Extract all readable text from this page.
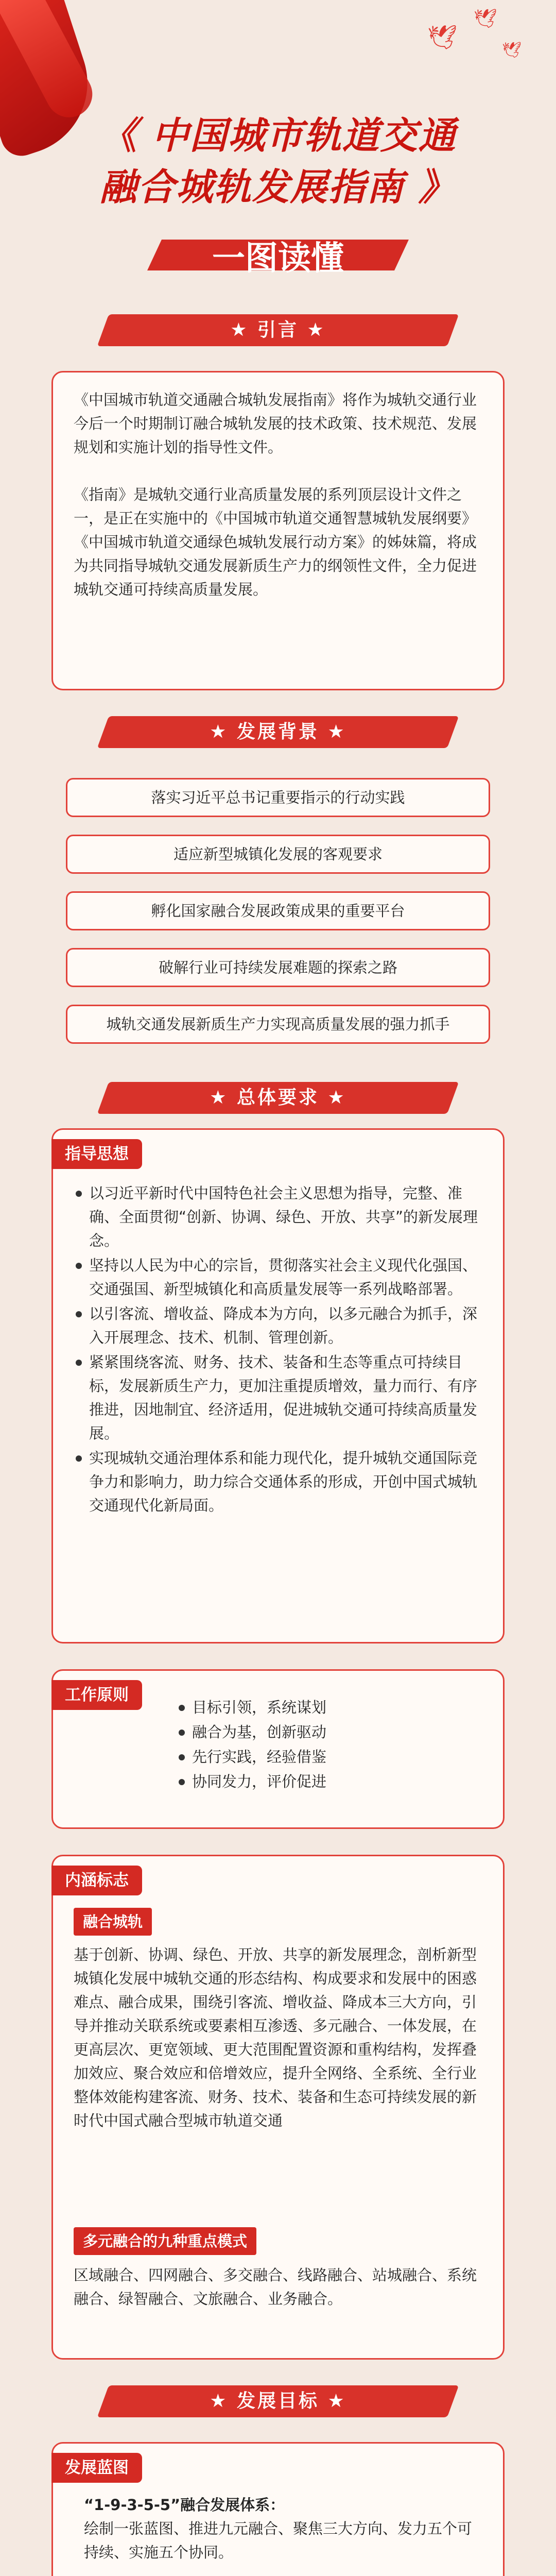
🕊
🕊
🕊
《 中国城市轨道交通
融合城轨发展指南 》
一图读懂
★ 引言 ★

《中国城市轨道交通融合城轨发展指南》将作为城轨交通行业今后一个时期制订融合城轨发展的技术政策、技术规范、发展规划和实施计划的指导性文件。

《指南》是城轨交通行业高质量发展的系列顶层设计文件之一，是正在实施中的《中国城市轨道交通智慧城轨发展纲要》《中国城市轨道交通绿色城轨发展行动方案》的姊妹篇，将成为共同指导城轨交通发展新质生产力的纲领性文件，全力促进城轨交通可持续高质量发展。

★ 发展背景 ★
落实习近平总书记重要指示的行动实践
适应新型城镇化发展的客观要求
孵化国家融合发展政策成果的重要平台
破解行业可持续发展难题的探索之路
城轨交通发展新质生产力实现高质量发展的强力抓手
★ 总体要求 ★
指导思想
以习近平新时代中国特色社会主义思想为指导，完整、准确、全面贯彻“创新、协调、绿色、开放、共享”的新发展理念。
坚持以人民为中心的宗旨，贯彻落实社会主义现代化强国、交通强国、新型城镇化和高质量发展等一系列战略部署。
以引客流、增收益、降成本为方向，以多元融合为抓手，深入开展理念、技术、机制、管理创新。
紧紧围绕客流、财务、技术、装备和生态等重点可持续目标，发展新质生产力，更加注重提质增效，量力而行、有序推进，因地制宜、经济适用，促进城轨交通可持续高质量发展。
实现城轨交通治理体系和能力现代化，提升城轨交通国际竞争力和影响力，助力综合交通体系的形成，开创中国式城轨交通现代化新局面。
工作原则
目标引领，系统谋划
融合为基，创新驱动
先行实践，经验借鉴
协同发力，评价促进
内涵标志
融合城轨

基于创新、协调、绿色、开放、共享的新发展理念，剖析新型城镇化发展中城轨交通的形态结构、构成要求和发展中的困惑难点、融合成果，围绕引客流、增收益、降成本三大方向，引导并推动关联系统或要素相互渗透、多元融合、一体发展，在更高层次、更宽领域、更大范围配置资源和重构结构，发挥叠加效应、聚合效应和倍增效应，提升全网络、全系统、全行业整体效能构建客流、财务、技术、装备和生态可持续发展的新时代中国式融合型城市轨道交通

多元融合的九种重点模式

区域融合、四网融合、多交融合、线路融合、站城融合、系统融合、绿智融合、文旅融合、业务融合。

★ 发展目标 ★
发展蓝图

“1-9-3-5-5”融合发展体系：

绘制一张蓝图、推进九元融合、聚焦三大方向、发力五个可持续、实施五个协同。
